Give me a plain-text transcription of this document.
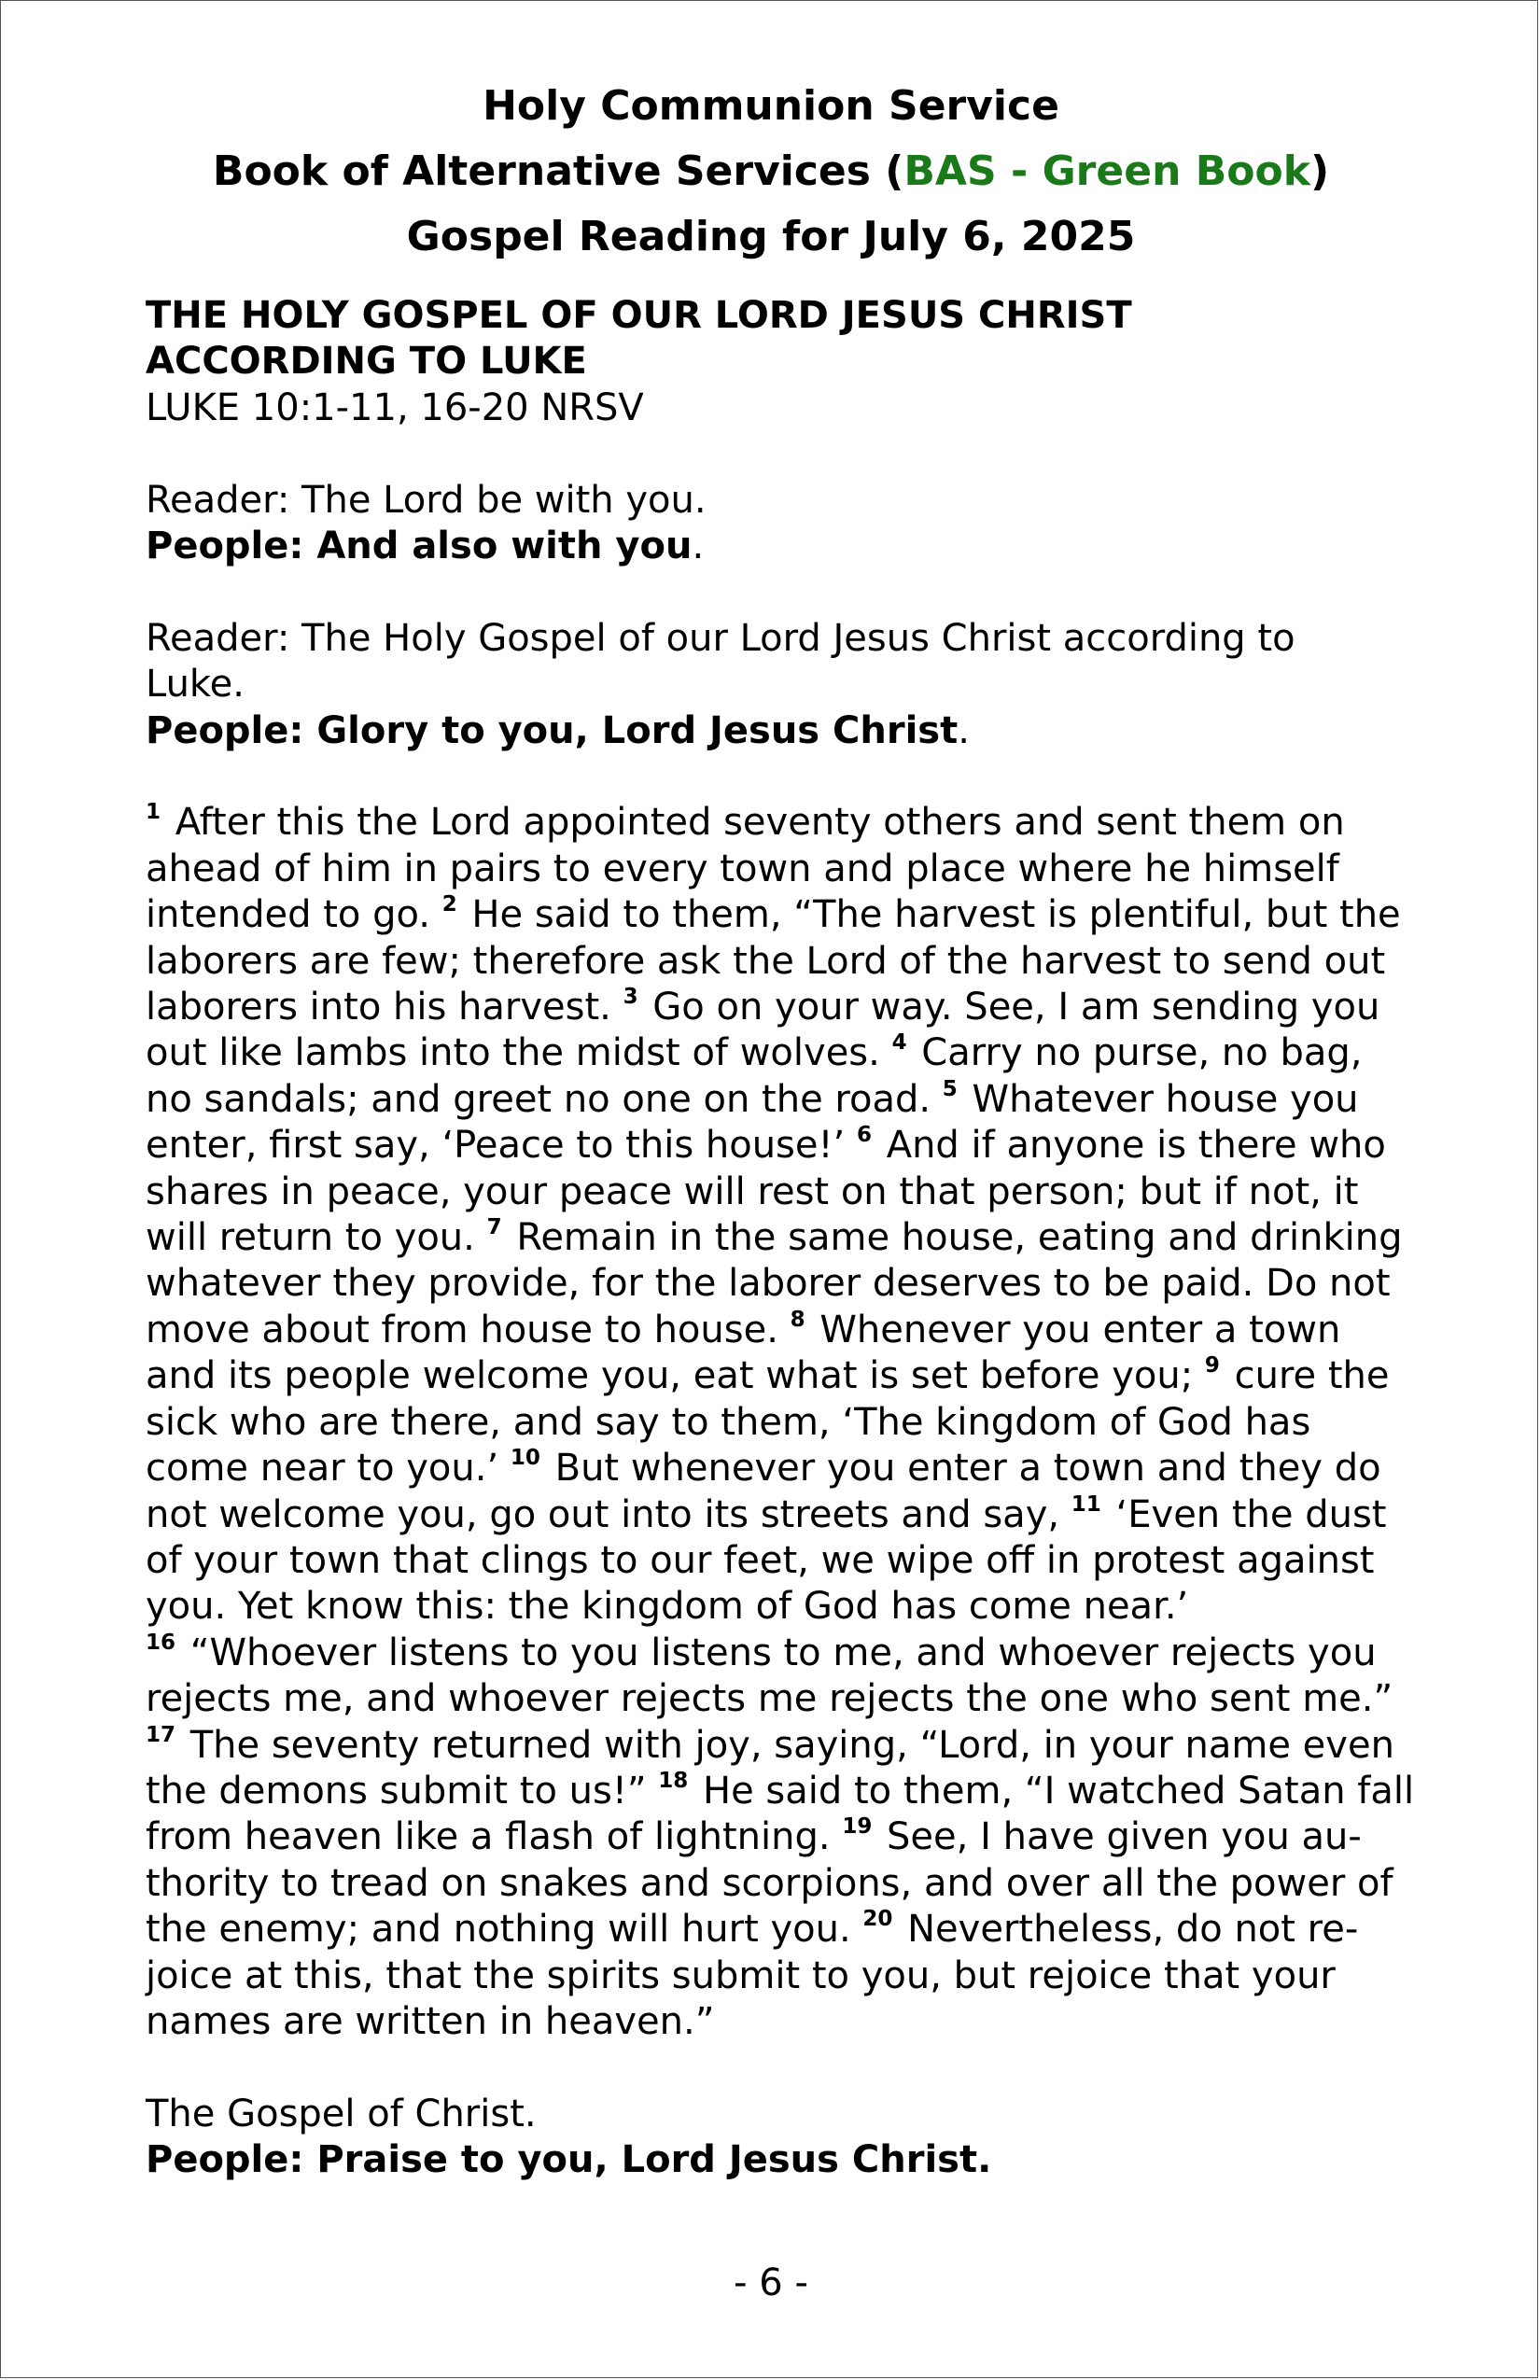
Holy Communion Service
Book of Alternative Services (BAS - Green Book)
Gospel Reading for July 6, 2025

THE HOLY GOSPEL OF OUR LORD JESUS CHRIST

ACCORDING TO LUKE

LUKE 10:1-11, 16-20 NRSV

Reader: The Lord be with you.

People: And also with you.

Reader: The Holy Gospel of our Lord Jesus Christ according to

Luke.

People: Glory to you, Lord Jesus Christ.

$^1$ After this the Lord appointed seventy others and sent them on

ahead of him in pairs to every town and place where he himself

intended to go. $^2$ He said to them, “The harvest is plentiful, but the

laborers are few; therefore ask the Lord of the harvest to send out

laborers into his harvest. $^3$ Go on your way. See, I am sending you

out like lambs into the midst of wolves. $^4$ Carry no purse, no bag,

no sandals; and greet no one on the road. $^5$ Whatever house you

enter, first say, ‘Peace to this house!’ $^6$ And if anyone is there who

shares in peace, your peace will rest on that person; but if not, it

will return to you. $^7$ Remain in the same house, eating and drinking

whatever they provide, for the laborer deserves to be paid. Do not

move about from house to house. $^8$ Whenever you enter a town

and its people welcome you, eat what is set before you; $^9$ cure the

sick who are there, and say to them, ‘The kingdom of God has

come near to you.’ $^{10}$ But whenever you enter a town and they do

not welcome you, go out into its streets and say, $^{11}$ ‘Even the dust

of your town that clings to our feet, we wipe off in protest against

you. Yet know this: the kingdom of God has come near.’

$^{16}$ “Whoever listens to you listens to me, and whoever rejects you

rejects me, and whoever rejects me rejects the one who sent me.”

$^{17}$ The seventy returned with joy, saying, “Lord, in your name even

the demons submit to us!” $^{18}$ He said to them, “I watched Satan fall

from heaven like a flash of lightning. $^{19}$ See, I have given you au-

thority to tread on snakes and scorpions, and over all the power of

the enemy; and nothing will hurt you. $^{20}$ Nevertheless, do not re-

joice at this, that the spirits submit to you, but rejoice that your

names are written in heaven.”

The Gospel of Christ.

People: Praise to you, Lord Jesus Christ.

- 6 -
